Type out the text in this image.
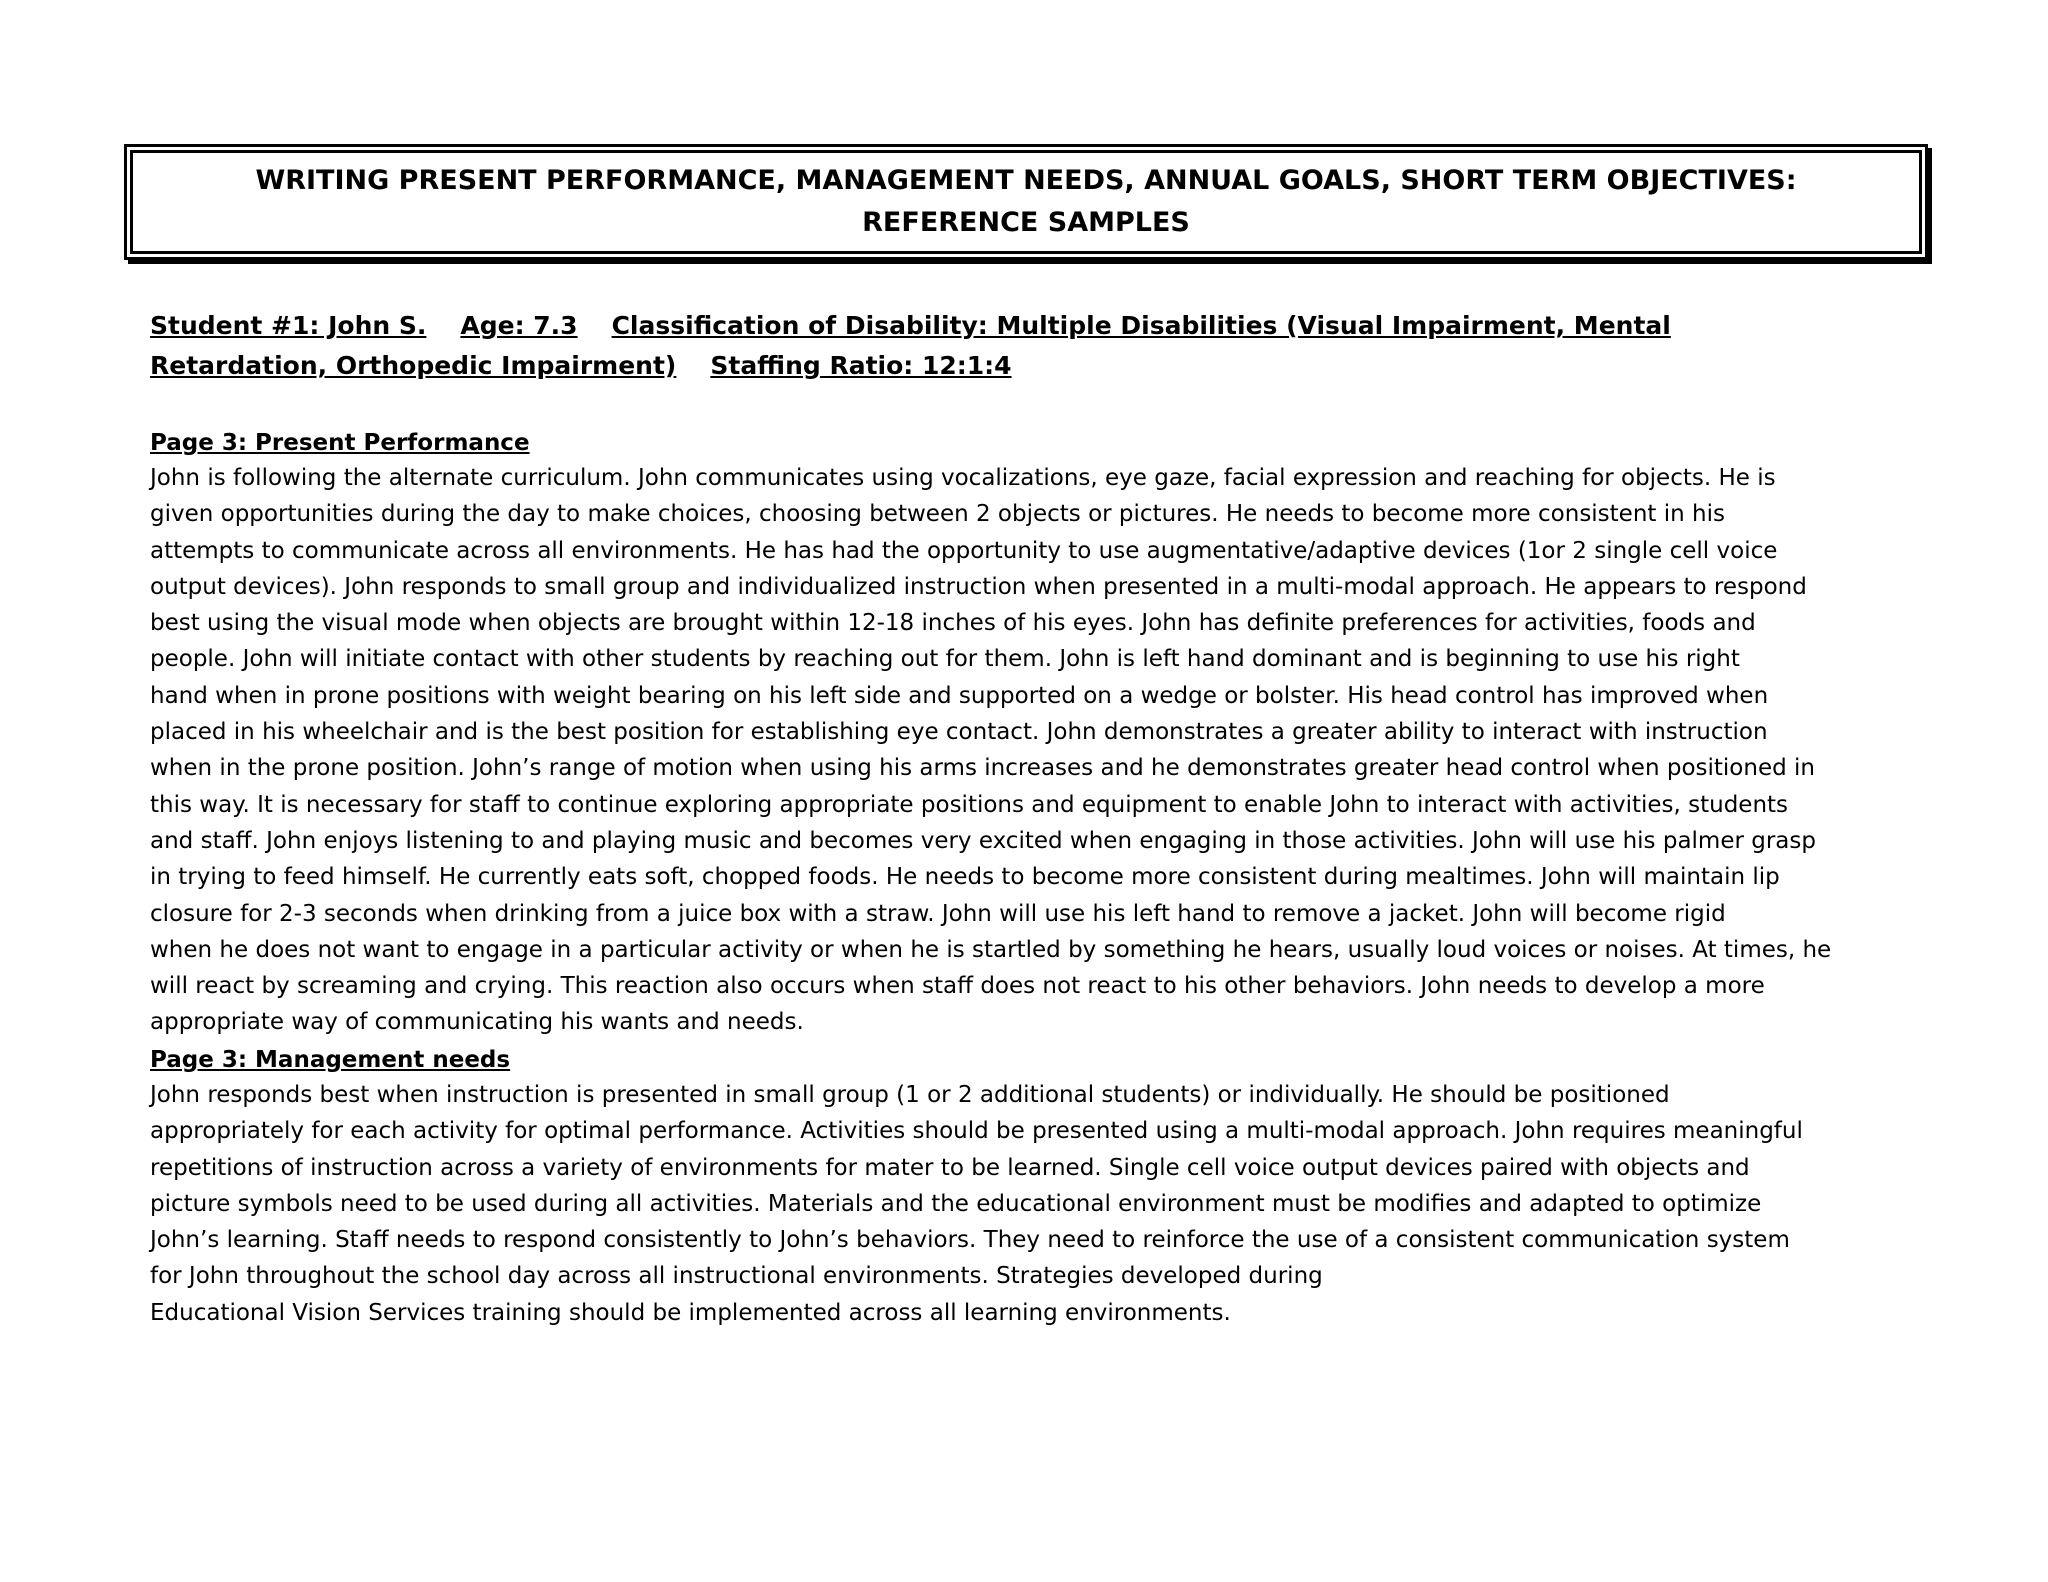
WRITING PRESENT PERFORMANCE, MANAGEMENT NEEDS, ANNUAL GOALS, SHORT TERM OBJECTIVES:
REFERENCE SAMPLES
Student #1: John S. Age: 7.3 Classification of Disability: Multiple Disabilities (Visual Impairment, Mental
Retardation, Orthopedic Impairment) Staffing Ratio: 12:1:4
Page 3: Present Performance
John is following the alternate curriculum. John communicates using vocalizations, eye gaze, facial expression and reaching for objects. He is
given opportunities during the day to make choices, choosing between 2 objects or pictures. He needs to become more consistent in his
attempts to communicate across all environments. He has had the opportunity to use augmentative/adaptive devices (1or 2 single cell voice
output devices). John responds to small group and individualized instruction when presented in a multi-modal approach. He appears to respond
best using the visual mode when objects are brought within 12-18 inches of his eyes. John has definite preferences for activities, foods and
people. John will initiate contact with other students by reaching out for them. John is left hand dominant and is beginning to use his right
hand when in prone positions with weight bearing on his left side and supported on a wedge or bolster. His head control has improved when
placed in his wheelchair and is the best position for establishing eye contact. John demonstrates a greater ability to interact with instruction
when in the prone position. John’s range of motion when using his arms increases and he demonstrates greater head control when positioned in
this way. It is necessary for staff to continue exploring appropriate positions and equipment to enable John to interact with activities, students
and staff. John enjoys listening to and playing music and becomes very excited when engaging in those activities. John will use his palmer grasp
in trying to feed himself. He currently eats soft, chopped foods. He needs to become more consistent during mealtimes. John will maintain lip
closure for 2-3 seconds when drinking from a juice box with a straw. John will use his left hand to remove a jacket. John will become rigid
when he does not want to engage in a particular activity or when he is startled by something he hears, usually loud voices or noises. At times, he
will react by screaming and crying. This reaction also occurs when staff does not react to his other behaviors. John needs to develop a more
appropriate way of communicating his wants and needs.
Page 3: Management needs
John responds best when instruction is presented in small group (1 or 2 additional students) or individually. He should be positioned
appropriately for each activity for optimal performance. Activities should be presented using a multi-modal approach. John requires meaningful
repetitions of instruction across a variety of environments for mater to be learned. Single cell voice output devices paired with objects and
picture symbols need to be used during all activities. Materials and the educational environment must be modifies and adapted to optimize
John’s learning. Staff needs to respond consistently to John’s behaviors. They need to reinforce the use of a consistent communication system
for John throughout the school day across all instructional environments. Strategies developed during
Educational Vision Services training should be implemented across all learning environments.
